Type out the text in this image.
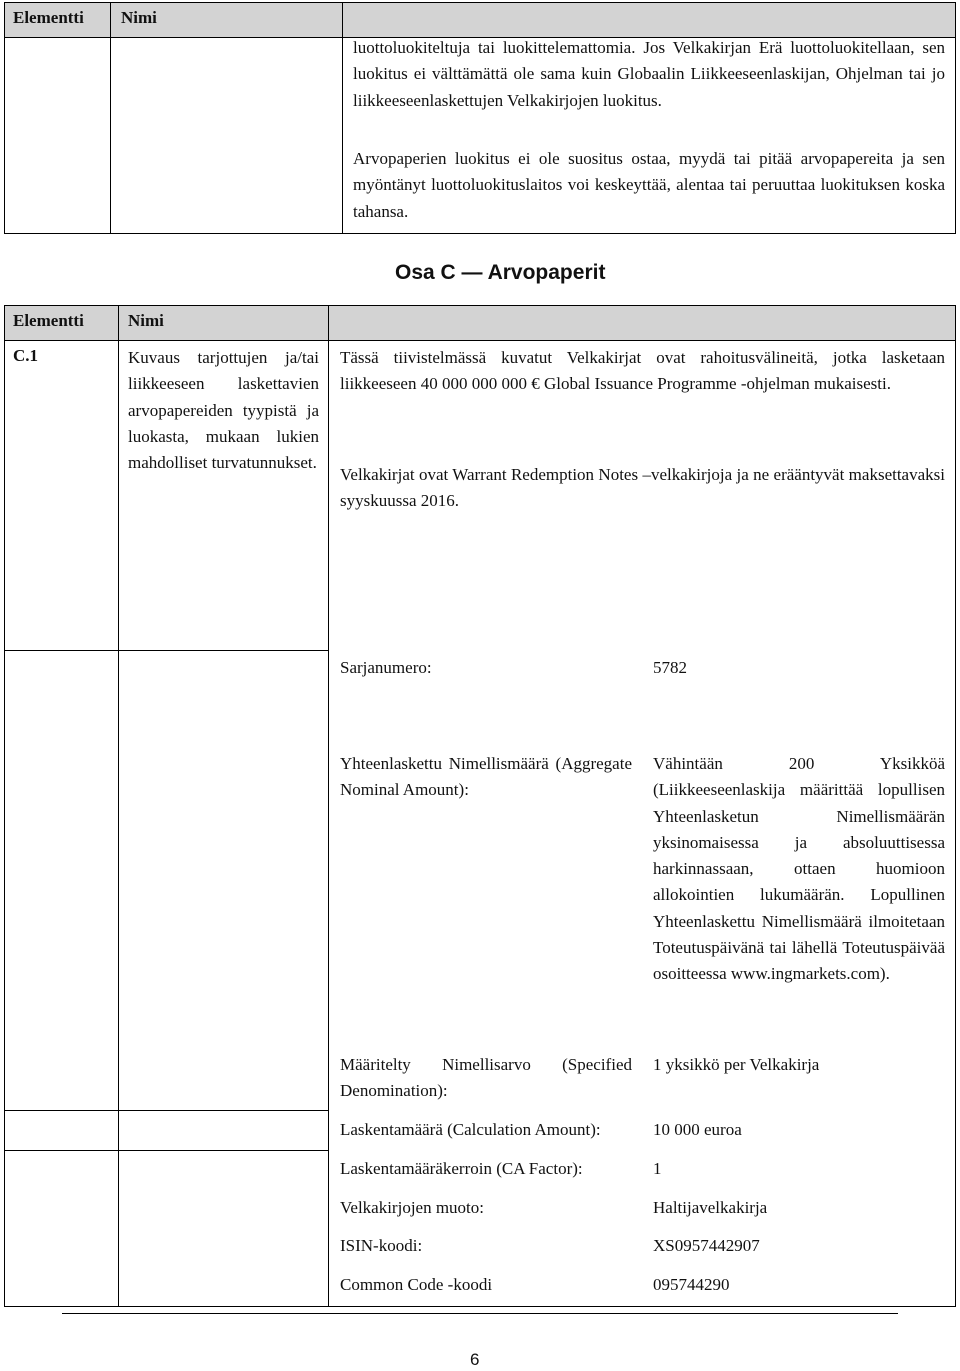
Elementti Nimi
luottoluokiteltuja tai luokittelemattomia. Jos Velkakirjan Erä luottoluokitellaan, sen luokitus ei välttämättä ole sama kuin Globaalin Liikkeeseenlaskijan, Ohjelman tai jo liikkeeseenlaskettujen Velkakirjojen luokitus.
Arvopaperien luokitus ei ole suositus ostaa, myydä tai pitää arvopapereita ja sen myöntänyt luottoluokituslaitos voi keskeyttää, alentaa tai peruuttaa luokituksen koska tahansa.
Osa C — Arvopaperit
Elementti	Nimi
C.1	Kuvaus tarjottujen ja/tai liikkeeseen laskettavien arvopapereiden tyypistä ja luokasta, mukaan lukien mahdolliset turvatunnukset.
Tässä tiivistelmässä kuvatut Velkakirjat ovat rahoitusvälineitä, jotka lasketaan liikkeeseen 40 000 000 000 € Global Issuance Programme -ohjelman mukaisesti.
Velkakirjat ovat Warrant Redemption Notes –velkakirjoja ja ne erääntyvät maksettavaksi syyskuussa 2016.
Sarjanumero:	5782
Yhteenlaskettu Nimellismäärä (Aggregate Nominal Amount):
Vähintään 200 Yksikköä (Liikkeeseenlaskija määrittää lopullisen Yhteenlasketun Nimellismäärän yksinomaisessa ja absoluuttisessa harkinnassaan, ottaen huomioon allokointien lukumäärän. Lopullinen Yhteenlaskettu Nimellismäärä ilmoitetaan Toteutuspäivänä tai lähellä Toteutuspäivää osoitteessa www.ingmarkets.com).
Määritelty Nimellisarvo (Specified Denomination):
1 yksikkö per Velkakirja
Laskentamäärä (Calculation Amount):	10 000 euroa
Laskentamääräkerroin (CA Factor):	1
Velkakirjojen muoto:	Haltijavelkakirja
ISIN-koodi:	XS0957442907
Common Code -koodi	095744290
6
